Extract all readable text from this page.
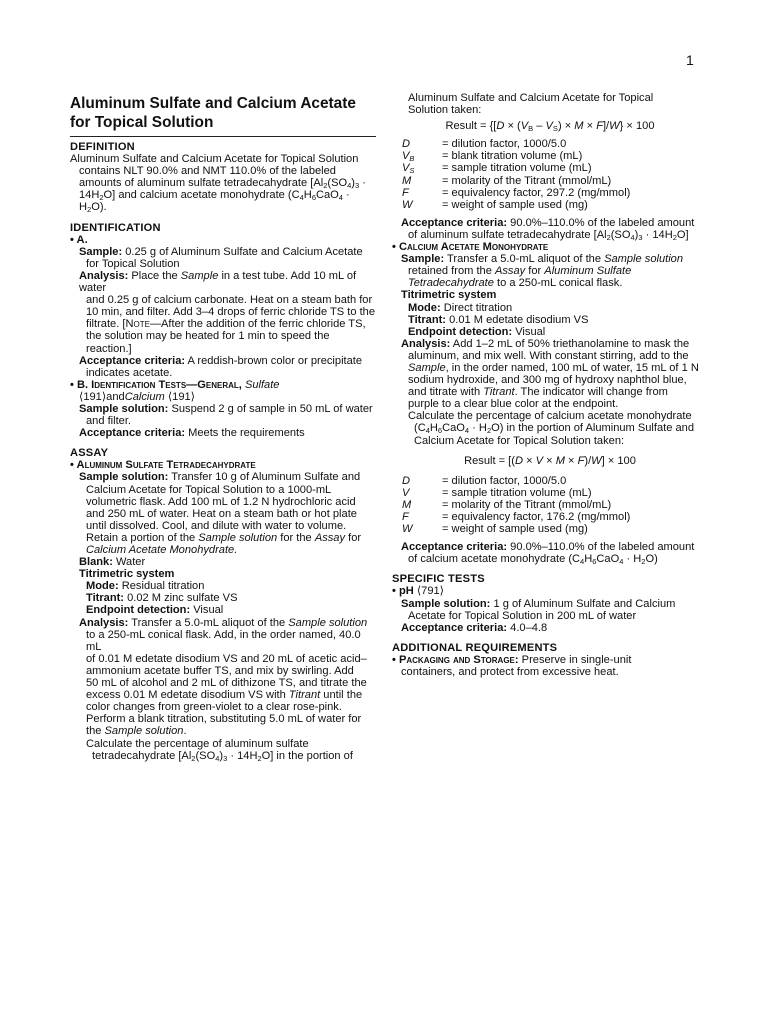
1
Aluminum Sulfate and Calcium Acetate
for Topical Solution
DEFINITION
Aluminum Sulfate and Calcium Acetate for Topical Solution
contains NLT 90.0% and NMT 110.0% of the labeled
amounts of aluminum sulfate tetradecahydrate [$Al_2(SO_4)_3$ ·
$14H_2O$] and calcium acetate monohydrate ($C_4H_6CaO_4$ ·
$H_2O$).
IDENTIFICATION
• A.
Sample: 0.25 g of Aluminum Sulfate and Calcium Acetate
for Topical Solution
Analysis: Place the Sample in a test tube. Add 10 mL of water
and 0.25 g of calcium carbonate. Heat on a steam bath for
10 min, and filter. Add 3–4 drops of ferric chloride TS to the
filtrate. [Note—After the addition of the ferric chloride TS,
the solution may be heated for 1 min to speed the reaction.]
Acceptance criteria: A reddish-brown color or precipitate
indicates acetate.
• B. Identification Tests—General, Sulfate
⟨191⟩andCalcium ⟨191⟩
Sample solution: Suspend 2 g of sample in 50 mL of water
and filter.
Acceptance criteria: Meets the requirements
ASSAY
• Aluminum Sulfate Tetradecahydrate
Sample solution: Transfer 10 g of Aluminum Sulfate and
Calcium Acetate for Topical Solution to a 1000-mL
volumetric flask. Add 100 mL of 1.2 N hydrochloric acid
and 250 mL of water. Heat on a steam bath or hot plate
until dissolved. Cool, and dilute with water to volume.
Retain a portion of the Sample solution for the Assay for
Calcium Acetate Monohydrate.
Blank: Water
Titrimetric system
Mode: Residual titration
Titrant: 0.02 M zinc sulfate VS
Endpoint detection: Visual
Analysis: Transfer a 5.0-mL aliquot of the Sample solution
to a 250-mL conical flask. Add, in the order named, 40.0 mL
of 0.01 M edetate disodium VS and 20 mL of acetic acid–
ammonium acetate buffer TS, and mix by swirling. Add
50 mL of alcohol and 2 mL of dithizone TS, and titrate the
excess 0.01 M edetate disodium VS with Titrant until the
color changes from green-violet to a clear rose-pink.
Perform a blank titration, substituting 5.0 mL of water for
the Sample solution.
Calculate the percentage of aluminum sulfate
tetradecahydrate $[Al_2(SO_4)_3 \cdot 14H_2O]$ in the portion of
Aluminum Sulfate and Calcium Acetate for Topical
Solution taken:
Result = $\{[D \times (V_B - V_S) \times M \times F]/W\} \times 100$
D	= dilution factor, 1000/5.0
$V_B$	= blank titration volume (mL)
$V_S$	= sample titration volume (mL)
M	= molarity of the Titrant (mmol/mL)
F	= equivalency factor, 297.2 (mg/mmol)
W	= weight of sample used (mg)
Acceptance criteria: 90.0%–110.0% of the labeled amount
of aluminum sulfate tetradecahydrate $[Al_2(SO_4)_3 \cdot 14H_2O]$
• Calcium Acetate Monohydrate
Sample: Transfer a 5.0-mL aliquot of the Sample solution
retained from the Assay for Aluminum Sulfate
Tetradecahydrate to a 250-mL conical flask.
Titrimetric system
Mode: Direct titration
Titrant: 0.01 M edetate disodium VS
Endpoint detection: Visual
Analysis: Add 1–2 mL of 50% triethanolamine to mask the
aluminum, and mix well. With constant stirring, add to the
Sample, in the order named, 100 mL of water, 15 mL of 1 N
sodium hydroxide, and 300 mg of hydroxy naphthol blue,
and titrate with Titrant. The indicator will change from
purple to a clear blue color at the endpoint.
Calculate the percentage of calcium acetate monohydrate
$(C_4H_6CaO_4 \cdot H_2O)$ in the portion of Aluminum Sulfate and
Calcium Acetate for Topical Solution taken:
Result = [(D × V × M × F)/W] × 100
D	= dilution factor, 1000/5.0
V	= sample titration volume (mL)
M	= molarity of the Titrant (mmol/mL)
F	= equivalency factor, 176.2 (mg/mmol)
W	= weight of sample used (mg)
Acceptance criteria: 90.0%–110.0% of the labeled amount
of calcium acetate monohydrate $(C_4H_6CaO_4 \cdot H_2O)$
SPECIFIC TESTS
• pH ⟨791⟩
Sample solution: 1 g of Aluminum Sulfate and Calcium
Acetate for Topical Solution in 200 mL of water
Acceptance criteria: 4.0–4.8
ADDITIONAL REQUIREMENTS
• Packaging and Storage: Preserve in single-unit
containers, and protect from excessive heat.
